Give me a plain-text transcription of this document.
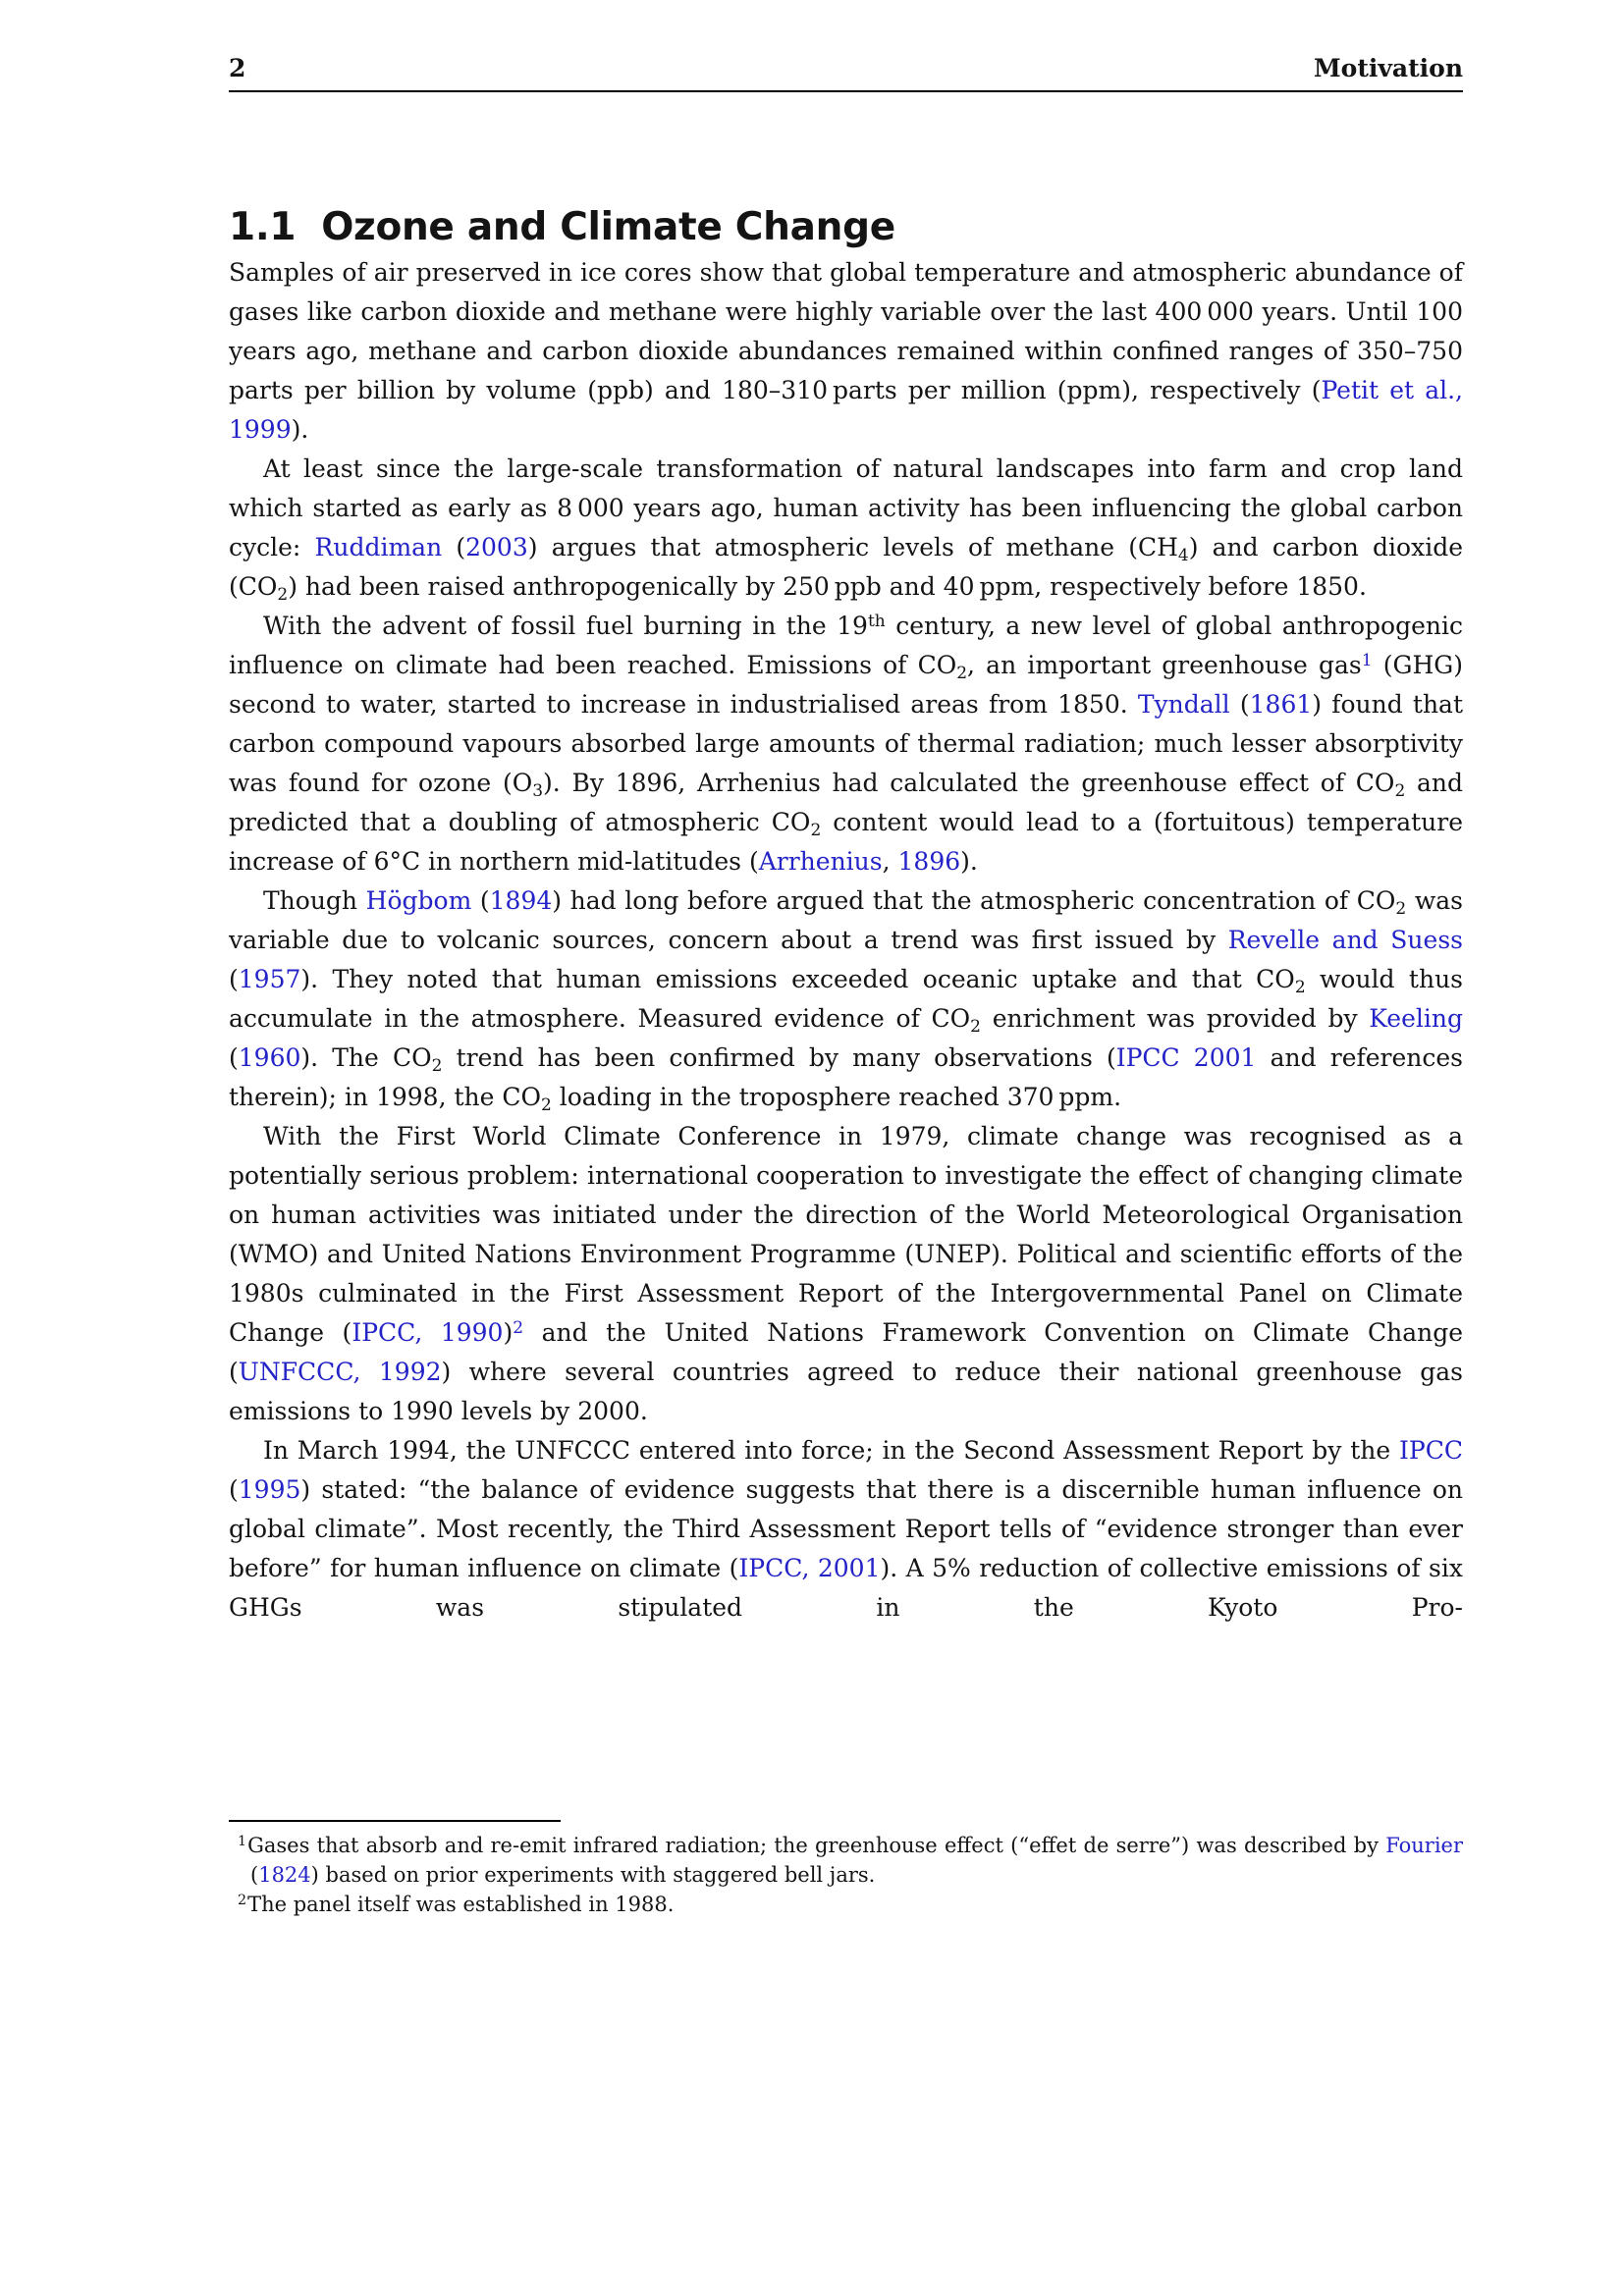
2	Motivation
1.1 Ozone and Climate Change

Samples of air preserved in ice cores show that global temperature and atmospheric abundance of gases like carbon dioxide and methane were highly variable over the last 400 000 years. Until 100 years ago, methane and carbon dioxide abundances remained within confined ranges of 350–750 parts per billion by volume (ppb) and 180–310 parts per million (ppm), respectively (Petit et al., 1999).

At least since the large-scale transformation of natural landscapes into farm and crop land which started as early as 8 000 years ago, human activity has been influencing the global carbon cycle: Ruddiman (2003) argues that atmospheric levels of methane $(CH_4)$ and carbon dioxide $(CO_2)$ had been raised anthropogenically by 250 ppb and 40 ppm, respectively before 1850.

With the advent of fossil fuel burning in the 19th century, a new level of global anthropogenic influence on climate had been reached. Emissions of $CO_2$, an important greenhouse gas$^1$ (GHG) second to water, started to increase in industrialised areas from 1850. Tyndall (1861) found that carbon compound vapours absorbed large amounts of thermal radiation; much lesser absorptivity was found for ozone $(O_3)$. By 1896, Arrhenius had calculated the greenhouse effect of $CO_2$ and predicted that a doubling of atmospheric $CO_2$ content would lead to a (fortuitous) temperature increase of 6°C in northern mid-latitudes (Arrhenius, 1896).

Though Högbom (1894) had long before argued that the atmospheric concentration of $CO_2$ was variable due to volcanic sources, concern about a trend was first issued by Revelle and Suess (1957). They noted that human emissions exceeded oceanic uptake and that $CO_2$ would thus accumulate in the atmosphere. Measured evidence of $CO_2$ enrichment was provided by Keeling (1960). The $CO_2$ trend has been confirmed by many observations (IPCC 2001 and references therein); in 1998, the $CO_2$ loading in the troposphere reached 370 ppm.

With the First World Climate Conference in 1979, climate change was recognised as a potentially serious problem: international cooperation to investigate the effect of changing climate on human activities was initiated under the direction of the World Meteorological Organisation (WMO) and United Nations Environment Programme (UNEP). Political and scientific efforts of the 1980s culminated in the First Assessment Report of the Intergovernmental Panel on Climate Change (IPCC, 1990)$^2$ and the United Nations Framework Convention on Climate Change (UNFCCC, 1992) where several countries agreed to reduce their national greenhouse gas emissions to 1990 levels by 2000.

In March 1994, the UNFCCC entered into force; in the Second Assessment Report by the IPCC (1995) stated: “the balance of evidence suggests that there is a discernible human influence on global climate”. Most recently, the Third Assessment Report tells of “evidence stronger than ever before” for human influence on climate (IPCC, 2001). A 5% reduction of collective emissions of six GHGs was stipulated in the Kyoto Pro-

$^1$Gases that absorb and re-emit infrared radiation; the greenhouse effect (“effet de serre”) was described by Fourier (1824) based on prior experiments with staggered bell jars.

$^2$The panel itself was established in 1988.
